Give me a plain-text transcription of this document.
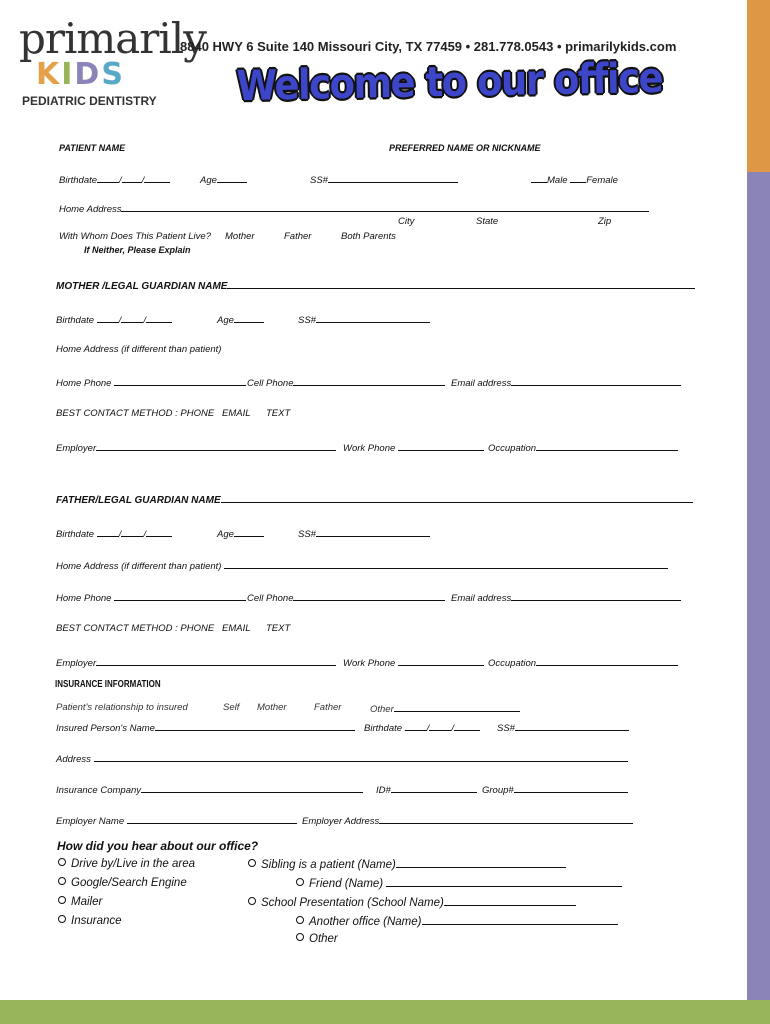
primarily
KIDS
PEDIATRIC DENTISTRY
8840 HWY 6 Suite 140 Missouri City, TX 77459 • 281.778.0543 • primarilykids.com
Welcome to our office
PATIENT NAME	PREFERRED NAME OR NICKNAME
Birthdate / /	Age	SS#	Male Female
Home Address
City	State	Zip
With Whom Does This Patient Live? Mother	Father	Both Parents
If Neither, Please Explain
MOTHER /LEGAL GUARDIAN NAME
Birthdate	/ /	Age	SS#
Home Address (if different than patient)
Home Phone	Cell Phone	Email address
BEST CONTACT METHOD : PHONE EMAIL TEXT
Employer	Work Phone	Occupation
FATHER/LEGAL GUARDIAN NAME
Birthdate	/ /	Age	SS#
Home Address (if different than patient)
Home Phone	Cell Phone	Email address
BEST CONTACT METHOD : PHONE EMAIL TEXT
Employer	Work Phone	Occupation
INSURANCE INFORMATION
Patient's relationship to insured	Self Mother	Father	Other
Insured Person's Name	Birthdate	/ /	SS#
Address
Insurance Company	ID#	Group#
Employer Name	Employer Address
How did you hear about our office?
Drive by/Live in the area
Google/Search Engine
Mailer
Insurance
Sibling is a patient (Name)
Friend (Name)
School Presentation (School Name)
Another office (Name)
Other
